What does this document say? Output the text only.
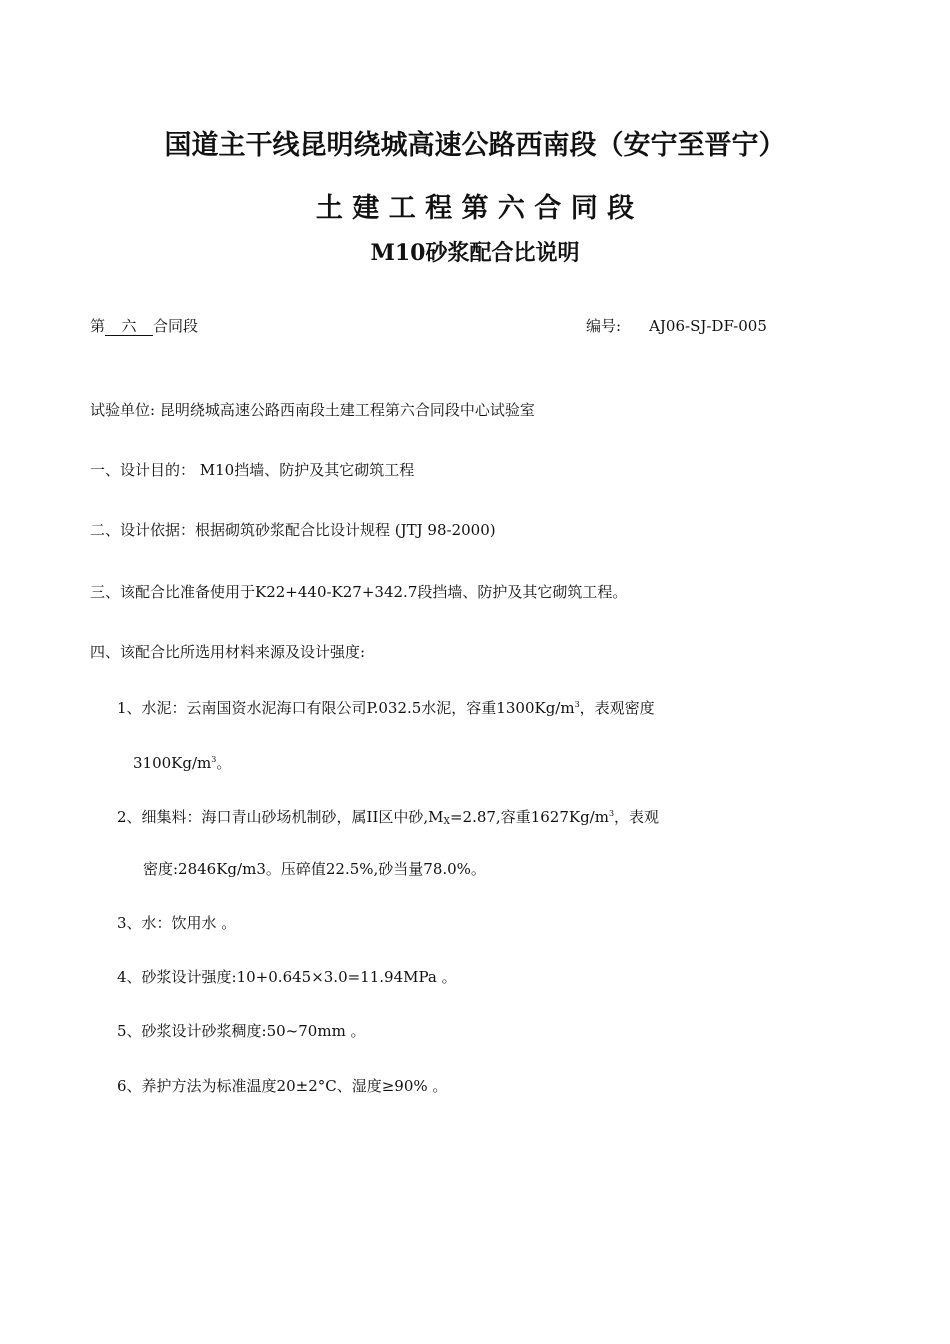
国道主干线昆明绕城高速公路西南段（安宁至晋宁）
土 建 工 程 第 六 合 同 段
M10砂浆配合比说明
第 六 合同段	编号: AJ06-SJ-DF-005
试验单位: 昆明绕城高速公路西南段土建工程第六合同段中心试验室
一、设计目的： M10挡墙、防护及其它砌筑工程
二、设计依据：根据砌筑砂浆配合比设计规程 (JTJ 98-2000)
三、该配合比准备使用于K22+440-K27+342.7段挡墙、防护及其它砌筑工程。
四、该配合比所选用材料来源及设计强度:
1、水泥：云南国资水泥海口有限公司P.032.5水泥，容重$1300Kg/m^3$，表观密度
$3100Kg/m^3$。
2、细集料：海口青山砂场机制砂，属II区中砂$,M_X=2.87$,容重$1627Kg/m^3$，表观
密度:2846Kg/m3。压碎值22.5%,砂当量78.0%。
3、水：饮用水 。
4、砂浆设计强度:10+0.645×3.0=11.94MPa 。
5、砂浆设计砂浆稠度:50~70mm 。
6、养护方法为标准温度20±2°C、湿度≥90% 。
